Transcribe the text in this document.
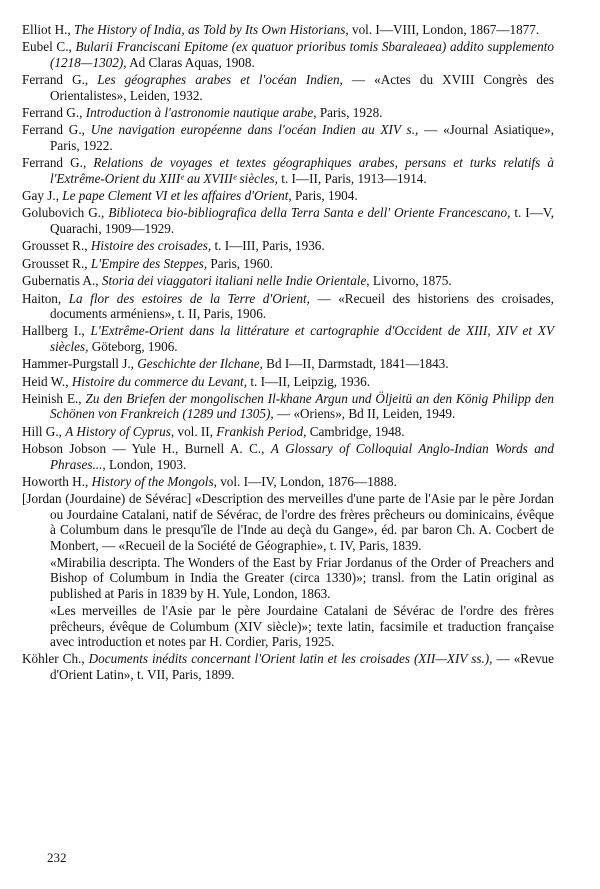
Elliot H., The History of India, as Told by Its Own Historians, vol. I—VIII, London, 1867—1877.

Eubel C., Bularii Franciscani Epitome (ex quatuor prioribus tomis Sbaraleaea) addito supplemento (1218—1302), Ad Claras Aquas, 1908.

Ferrand G., Les géographes arabes et l'océan Indien, — «Actes du XVIII Congrès des Orientalistes», Leiden, 1932.

Ferrand G., Introduction à l'astronomie nautique arabe, Paris, 1928.

Ferrand G., Une navigation européenne dans l'océan Indien au XIV s., — «Journal Asiatique», Paris, 1922.

Ferrand G., Relations de voyages et textes géographiques arabes, persans et turks relatifs à l'Extrême-Orient du XIIIᵉ au XVIIIᵉ siècles, t. I—II, Paris, 1913—1914.

Gay J., Le pape Clement VI et les affaires d'Orient, Paris, 1904.

Golubovich G., Biblioteca bio-bibliografica della Terra Santa e dell' Oriente Francescano, t. I—V, Quarachi, 1909—1929.

Grousset R., Histoire des croisades, t. I—III, Paris, 1936.

Grousset R., L'Empire des Steppes, Paris, 1960.

Gubernatis A., Storia dei viaggatori italiani nelle Indie Orientale, Livorno, 1875.

Haiton, La flor des estoires de la Terre d'Orient, — «Recueil des historiens des croisades, documents arméniens», t. II, Paris, 1906.

Hallberg I., L'Extrême-Orient dans la littérature et cartographie d'Occident de XIII, XIV et XV siècles, Göteborg, 1906.

Hammer-Purgstall J., Geschichte der Ilchane, Bd I—II, Darmstadt, 1841—1843.

Heid W., Histoire du commerce du Levant, t. I—II, Leipzig, 1936.

Heinish E., Zu den Briefen der mongolischen Il-khane Argun und Öljeitü an den König Philipp den Schönen von Frankreich (1289 und 1305), — «Oriens», Bd II, Leiden, 1949.

Hill G., A History of Cyprus, vol. II, Frankish Period, Cambridge, 1948.

Hobson Jobson — Yule H., Burnell A. C., A Glossary of Colloquial Anglo-Indian Words and Phrases..., London, 1903.

Howorth H., History of the Mongols, vol. I—IV, London, 1876—1888.

[Jordan (Jourdaine) de Sévérac] «Description des merveilles d'une parte de l'Asie par le père Jordan ou Jourdaine Catalani, natif de Sévérac, de l'ordre des frères prêcheurs ou dominicains, évêque à Columbum dans le presqu'île de l'Inde au deçà du Gange», éd. par baron Ch. A. Cocbert de Monbert, — «Recueil de la Société de Géographie», t. IV, Paris, 1839.

«Mirabilia descripta. The Wonders of the East by Friar Jordanus of the Order of Preachers and Bishop of Columbum in India the Greater (circa 1330)»; transl. from the Latin original as published at Paris in 1839 by H. Yule, London, 1863.

«Les merveilles de l'Asie par le père Jourdaine Catalani de Sévérac de l'ordre des frères prêcheurs, évêque de Columbum (XIV siècle)»; texte latin, facsimile et traduction française avec introduction et notes par H. Cordier, Paris, 1925.

Köhler Ch., Documents inédits concernant l'Orient latin et les croisades (XII—XIV ss.), — «Revue d'Orient Latin», t. VII, Paris, 1899.

232
